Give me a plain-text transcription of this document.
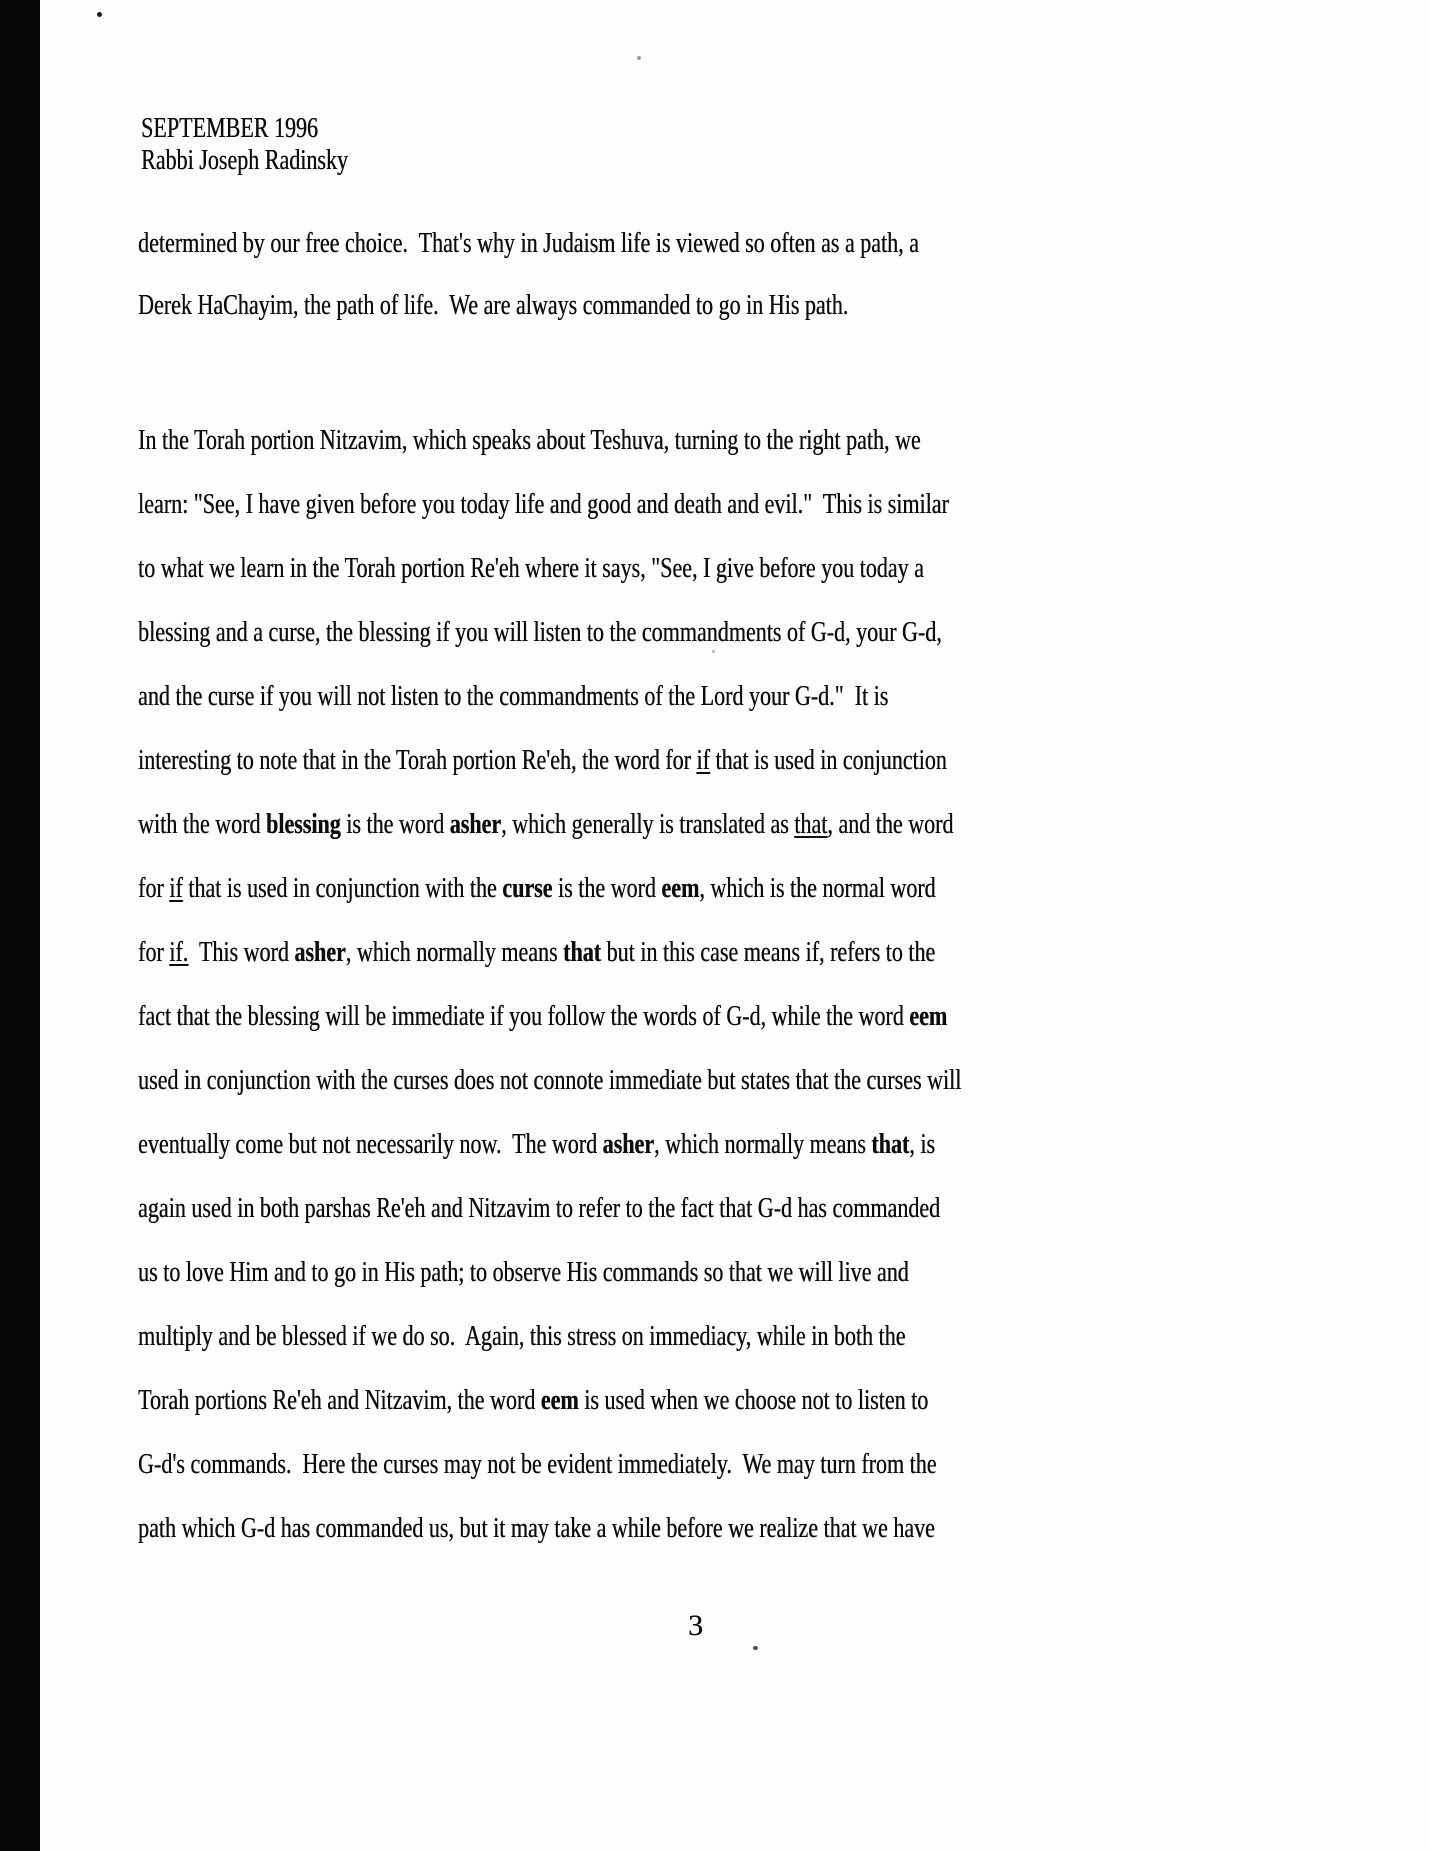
SEPTEMBER 1996
Rabbi Joseph Radinsky
determined by our free choice.  That's why in Judaism life is viewed so often as a path, a
Derek HaChayim, the path of life.  We are always commanded to go in His path.
In the Torah portion Nitzavim, which speaks about Teshuva, turning to the right path, we
learn: "See, I have given before you today life and good and death and evil."  This is similar
to what we learn in the Torah portion Re'eh where it says, "See, I give before you today a
blessing and a curse, the blessing if you will listen to the commandments of G-d, your G-d,
and the curse if you will not listen to the commandments of the Lord your G-d."  It is
interesting to note that in the Torah portion Re'eh, the word for if that is used in conjunction
with the word blessing is the word asher, which generally is translated as that, and the word
for if that is used in conjunction with the curse is the word eem, which is the normal word
for if.  This word asher, which normally means that but in this case means if, refers to the
fact that the blessing will be immediate if you follow the words of G-d, while the word eem
used in conjunction with the curses does not connote immediate but states that the curses will
eventually come but not necessarily now.  The word asher, which normally means that, is
again used in both parshas Re'eh and Nitzavim to refer to the fact that G-d has commanded
us to love Him and to go in His path; to observe His commands so that we will live and
multiply and be blessed if we do so.  Again, this stress on immediacy, while in both the
Torah portions Re'eh and Nitzavim, the word eem is used when we choose not to listen to
G-d's commands.  Here the curses may not be evident immediately.  We may turn from the
path which G-d has commanded us, but it may take a while before we realize that we have
3
